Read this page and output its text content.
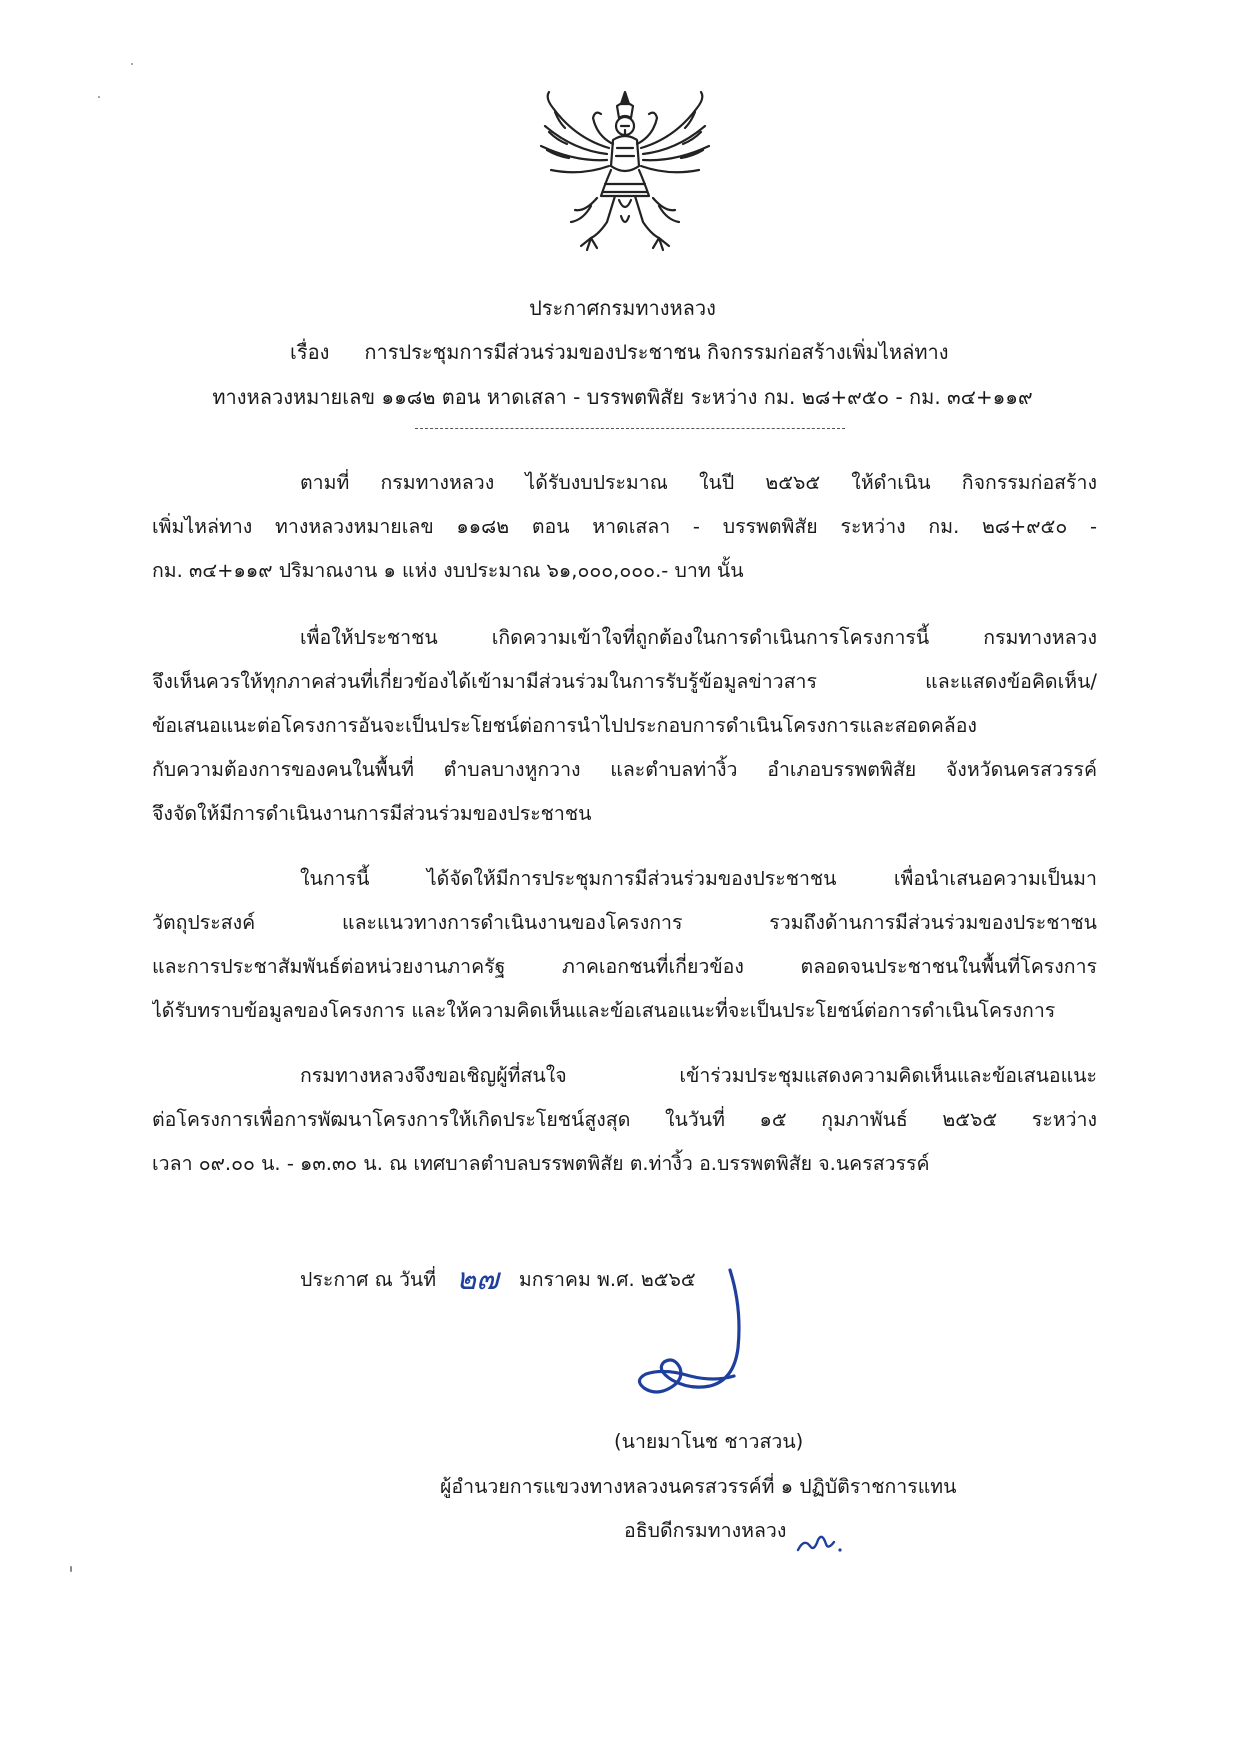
ประกาศกรมทางหลวง
เรื่อง การประชุมการมีส่วนร่วมของประชาชน กิจกรรมก่อสร้างเพิ่มไหล่ทาง
ทางหลวงหมายเลข ๑๑๘๒ ตอน หาดเสลา - บรรพตพิสัย ระหว่าง กม. ๒๘+๙๕๐ - กม. ๓๔+๑๑๙
ตามที่ กรมทางหลวง ได้รับงบประมาณ ในปี ๒๕๖๕ ให้ดำเนิน กิจกรรมก่อสร้าง
เพิ่มไหล่ทาง ทางหลวงหมายเลข ๑๑๘๒ ตอน หาดเสลา - บรรพตพิสัย ระหว่าง กม. ๒๘+๙๕๐ -
กม. ๓๔+๑๑๙ ปริมาณงาน ๑ แห่ง งบประมาณ ๖๑,๐๐๐,๐๐๐.- บาท นั้น
เพื่อให้ประชาชน เกิดความเข้าใจที่ถูกต้องในการดำเนินการโครงการนี้ กรมทางหลวง
จึงเห็นควรให้ทุกภาคส่วนที่เกี่ยวข้องได้เข้ามามีส่วนร่วมในการรับรู้ข้อมูลข่าวสาร และแสดงข้อคิดเห็น/
ข้อเสนอแนะต่อโครงการอันจะเป็นประโยชน์ต่อการนำไปประกอบการดำเนินโครงการและสอดคล้อง
กับความต้องการของคนในพื้นที่ ตำบลบางหูกวาง และตำบลท่างิ้ว อำเภอบรรพตพิสัย จังหวัดนครสวรรค์
จึงจัดให้มีการดำเนินงานการมีส่วนร่วมของประชาชน
ในการนี้ ได้จัดให้มีการประชุมการมีส่วนร่วมของประชาชน เพื่อนำเสนอความเป็นมา
วัตถุประสงค์ และแนวทางการดำเนินงานของโครงการ รวมถึงด้านการมีส่วนร่วมของประชาชน
และการประชาสัมพันธ์ต่อหน่วยงานภาครัฐ ภาคเอกชนที่เกี่ยวข้อง ตลอดจนประชาชนในพื้นที่โครงการ
ได้รับทราบข้อมูลของโครงการ และให้ความคิดเห็นและข้อเสนอแนะที่จะเป็นประโยชน์ต่อการดำเนินโครงการ
กรมทางหลวงจึงขอเชิญผู้ที่สนใจ เข้าร่วมประชุมแสดงความคิดเห็นและข้อเสนอแนะ
ต่อโครงการเพื่อการพัฒนาโครงการให้เกิดประโยชน์สูงสุด ในวันที่ ๑๕ กุมภาพันธ์ ๒๕๖๕ ระหว่าง
เวลา ๐๙.๐๐ น. - ๑๓.๓๐ น. ณ เทศบาลตำบลบรรพตพิสัย ต.ท่างิ้ว อ.บรรพตพิสัย จ.นครสวรรค์
ประกาศ ณ วันที่ ๒๗ มกราคม พ.ศ. ๒๕๖๕
(นายมาโนช ชาวสวน)
ผู้อำนวยการแขวงทางหลวงนครสวรรค์ที่ ๑ ปฏิบัติราชการแทน
อธิบดีกรมทางหลวง
